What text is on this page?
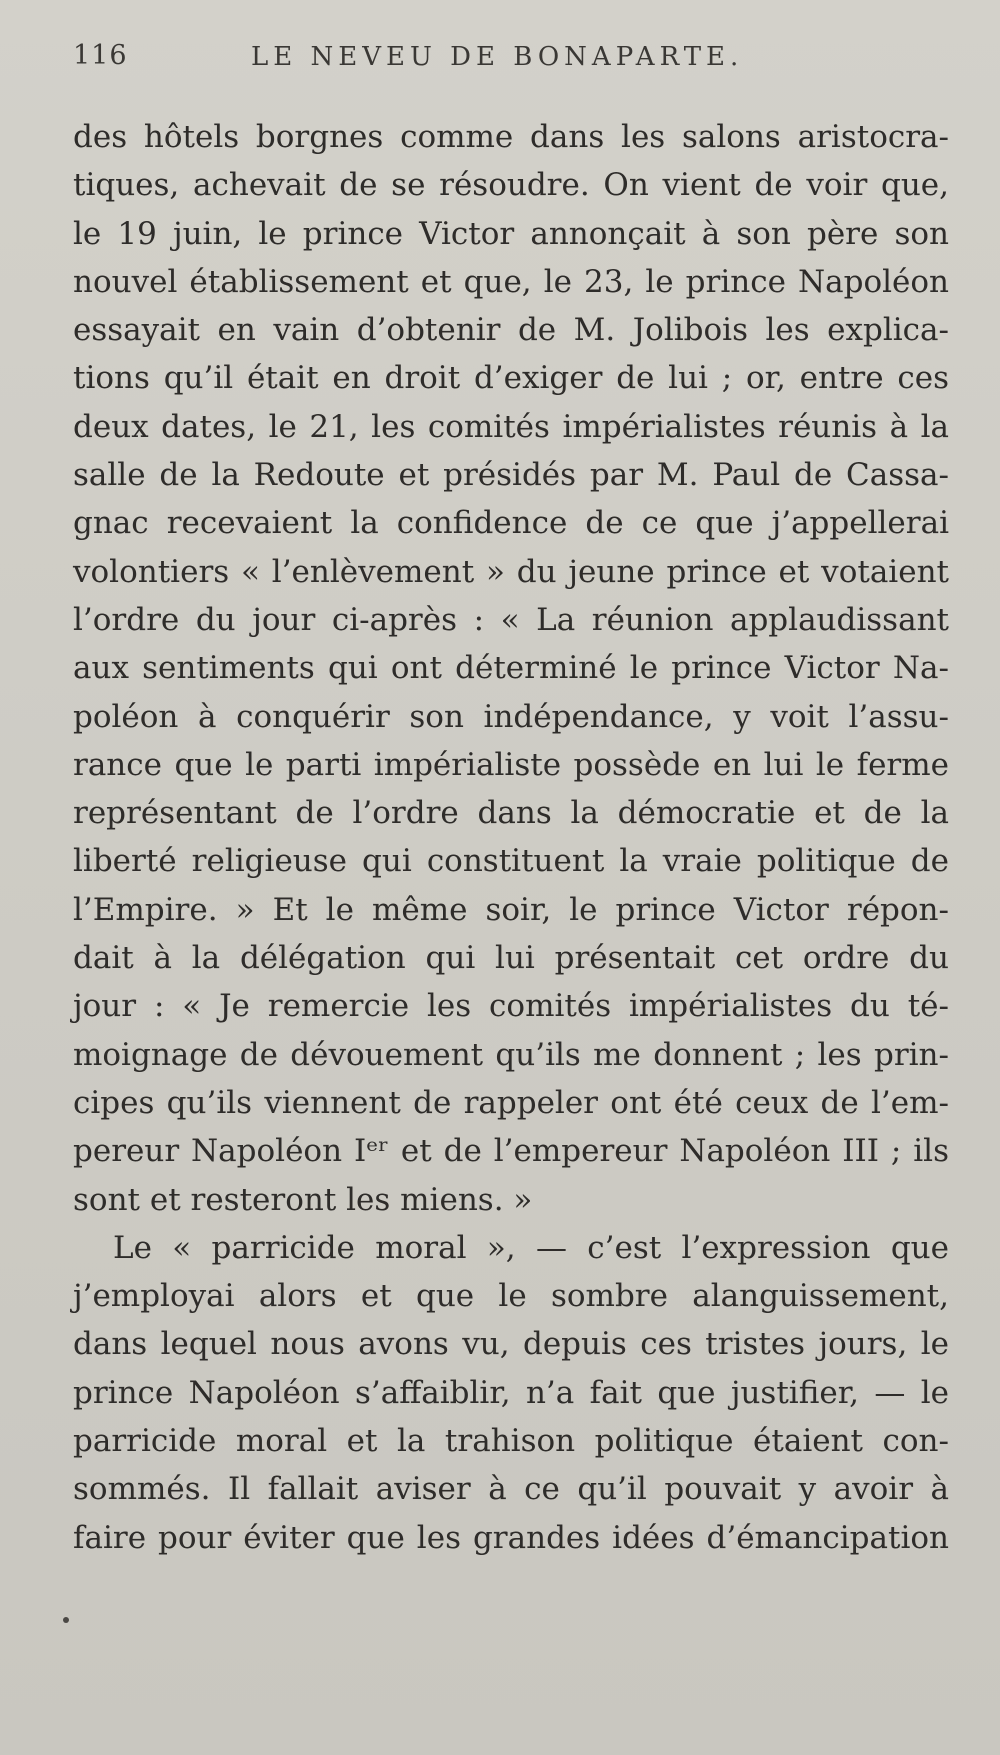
116	LE NEVEU DE BONAPARTE.
des hôtels borgnes comme dans les salons aristocra-
tiques, achevait de se résoudre. On vient de voir que,
le 19 juin, le prince Victor annonçait à son père son
nouvel établissement et que, le 23, le prince Napoléon
essayait en vain d’obtenir de M. Jolibois les explica-
tions qu’il était en droit d’exiger de lui ; or, entre ces
deux dates, le 21, les comités impérialistes réunis à la
salle de la Redoute et présidés par M. Paul de Cassa-
gnac recevaient la confidence de ce que j’appellerai
volontiers « l’enlèvement » du jeune prince et votaient
l’ordre du jour ci-après : « La réunion applaudissant
aux sentiments qui ont déterminé le prince Victor Na-
poléon à conquérir son indépendance, y voit l’assu-
rance que le parti impérialiste possède en lui le ferme
représentant de l’ordre dans la démocratie et de la
liberté religieuse qui constituent la vraie politique de
l’Empire. » Et le même soir, le prince Victor répon-
dait à la délégation qui lui présentait cet ordre du
jour : « Je remercie les comités impérialistes du té-
moignage de dévouement qu’ils me donnent ; les prin-
cipes qu’ils viennent de rappeler ont été ceux de l’em-
pereur Napoléon Iᵉʳ et de l’empereur Napoléon III ; ils
sont et resteront les miens. »
Le « parricide moral », — c’est l’expression que
j’employai alors et que le sombre alanguissement,
dans lequel nous avons vu, depuis ces tristes jours, le
prince Napoléon s’affaiblir, n’a fait que justifier, — le
parricide moral et la trahison politique étaient con-
sommés. Il fallait aviser à ce qu’il pouvait y avoir à
faire pour éviter que les grandes idées d’émancipation
